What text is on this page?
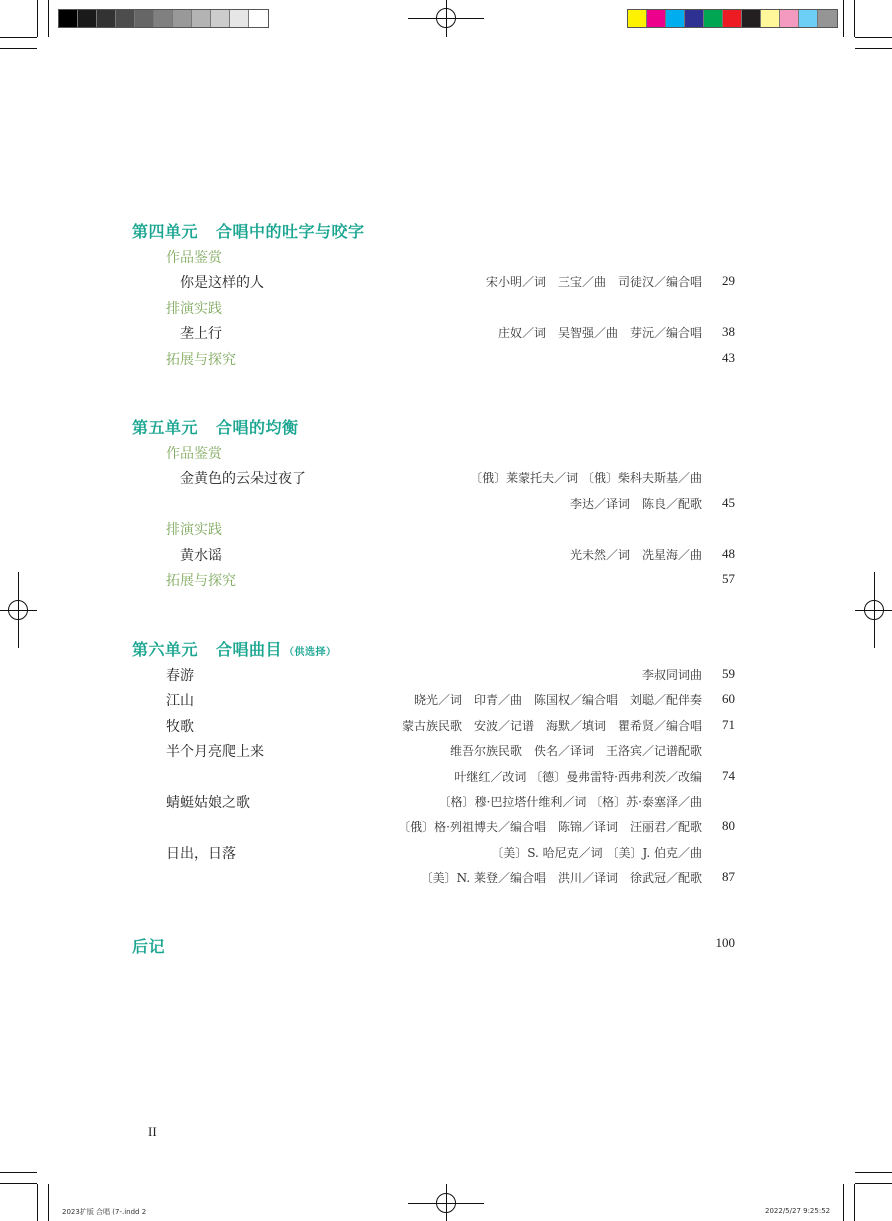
第四单元 合唱中的吐字与咬字
作品鉴赏
你是这样的人	宋小明／词　三宝／曲　司徒汉／编合唱 29
排演实践
垄上行	庄奴／词　吴智强／曲　芽沅／编合唱 38
拓展与探究	43
第五单元 合唱的均衡
作品鉴赏
金黄色的云朵过夜了	〔俄〕莱蒙托夫／词 〔俄〕柴科夫斯基／曲
李达／译词　陈良／配歌 45
排演实践
黄水谣	光未然／词　冼星海／曲 48
拓展与探究	57
第六单元 合唱曲目 （供选择）
春游	李叔同词曲 59
江山	晓光／词　印青／曲　陈国权／编合唱　刘聪／配伴奏 60
牧歌	蒙古族民歌　安波／记谱　海默／填词　瞿希贤／编合唱 71
半个月亮爬上来	维吾尔族民歌　佚名／译词　王洛宾／记谱配歌
叶继红／改词 〔德〕曼弗雷特·西弗利茨／改编 74
蜻蜓姑娘之歌	〔格〕穆·巴拉塔什维利／词 〔格〕苏·泰塞泽／曲
〔俄〕格·列祖博夫／编合唱　陈锦／译词　汪丽君／配歌 80
日出，日落	〔美〕S. 哈尼克／词 〔美〕J. 伯克／曲
〔美〕N. 莱登／编合唱　洪川／译词　徐武冠／配歌 87
后记	100
II
2023扩版 合唱 (7-.indd 2	2022/5/27 9:25:52
